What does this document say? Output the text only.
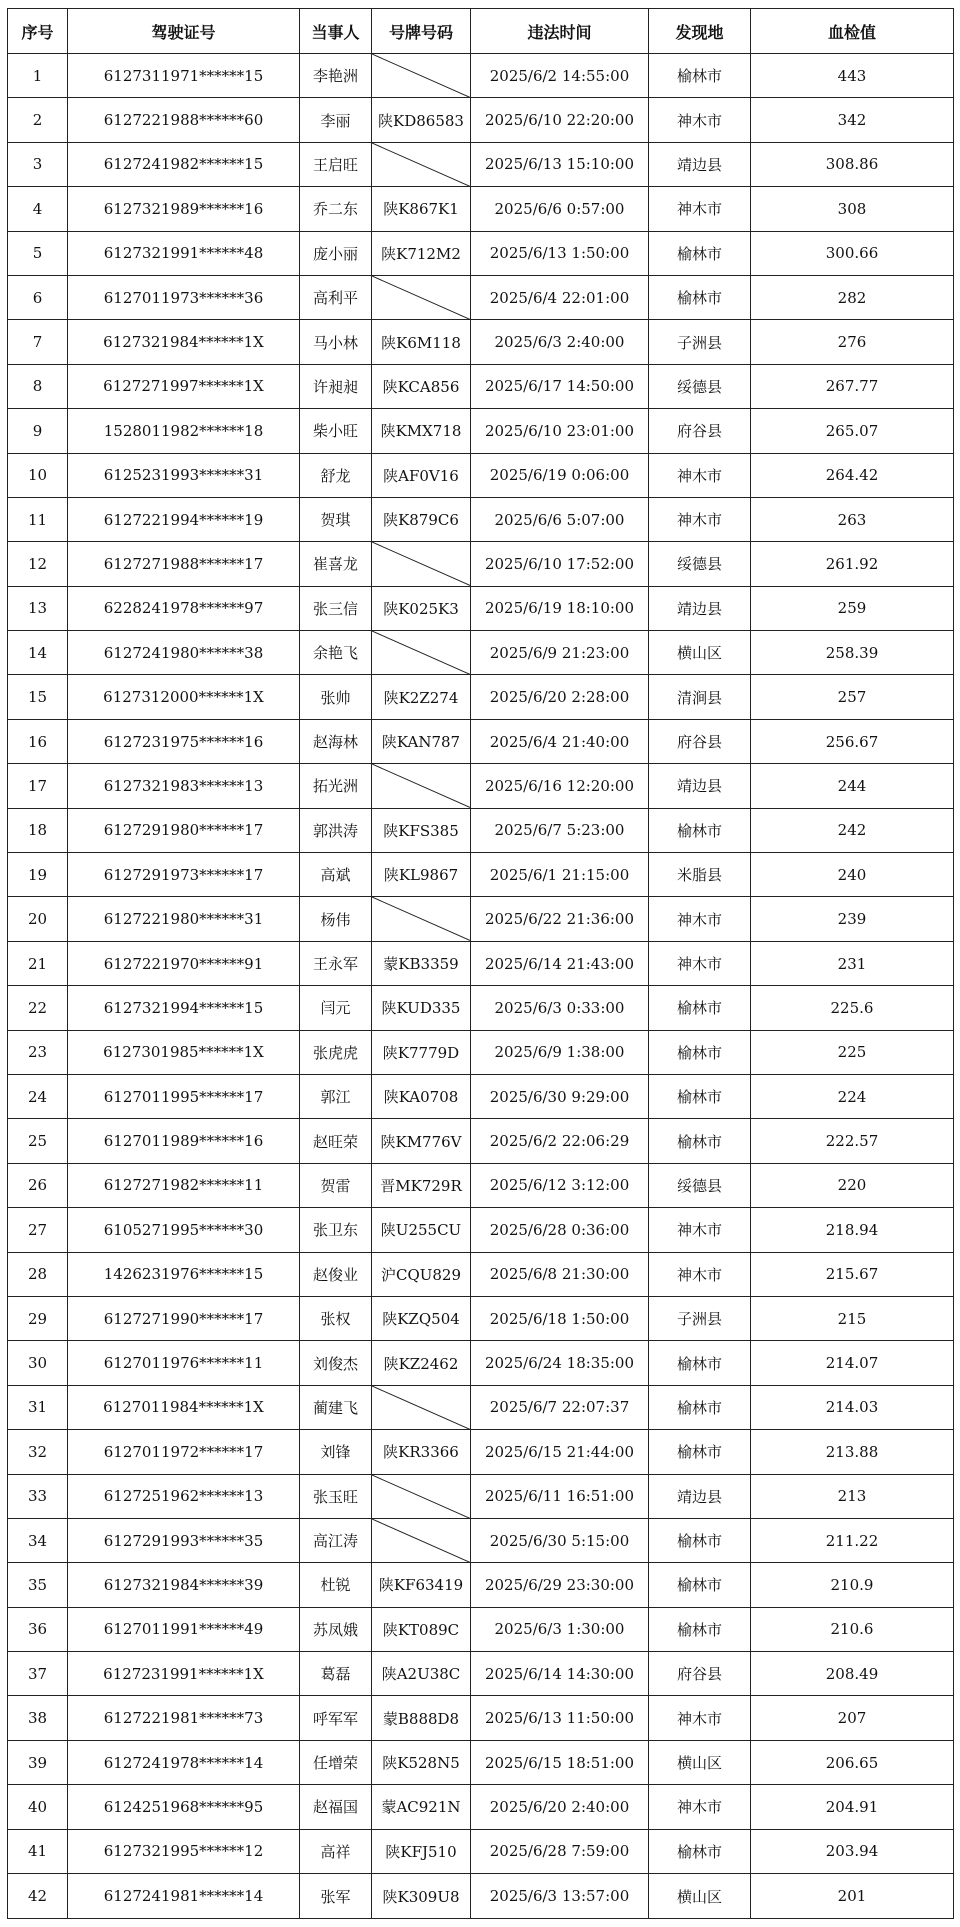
序号	驾驶证号	当事人	号牌号码	违法时间	发现地	血检值
1	6127311971******15	李艳洲		2025/6/2 14:55:00	榆林市	443
2	6127221988******60	李丽	陕KD86583	2025/6/10 22:20:00	神木市	342
3	6127241982******15	王启旺		2025/6/13 15:10:00	靖边县	308.86
4	6127321989******16	乔二东	陕K867K1	2025/6/6 0:57:00	神木市	308
5	6127321991******48	庞小丽	陕K712M2	2025/6/13 1:50:00	榆林市	300.66
6	6127011973******36	高利平		2025/6/4 22:01:00	榆林市	282
7	6127321984******1X	马小林	陕K6M118	2025/6/3 2:40:00	子洲县	276
8	6127271997******1X	许昶昶	陕KCA856	2025/6/17 14:50:00	绥德县	267.77
9	1528011982******18	柴小旺	陕KMX718	2025/6/10 23:01:00	府谷县	265.07
10	6125231993******31	舒龙	陕AF0V16	2025/6/19 0:06:00	神木市	264.42
11	6127221994******19	贺琪	陕K879C6	2025/6/6 5:07:00	神木市	263
12	6127271988******17	崔喜龙		2025/6/10 17:52:00	绥德县	261.92
13	6228241978******97	张三信	陕K025K3	2025/6/19 18:10:00	靖边县	259
14	6127241980******38	余艳飞		2025/6/9 21:23:00	横山区	258.39
15	6127312000******1X	张帅	陕K2Z274	2025/6/20 2:28:00	清涧县	257
16	6127231975******16	赵海林	陕KAN787	2025/6/4 21:40:00	府谷县	256.67
17	6127321983******13	拓光洲		2025/6/16 12:20:00	靖边县	244
18	6127291980******17	郭洪涛	陕KFS385	2025/6/7 5:23:00	榆林市	242
19	6127291973******17	高斌	陕KL9867	2025/6/1 21:15:00	米脂县	240
20	6127221980******31	杨伟		2025/6/22 21:36:00	神木市	239
21	6127221970******91	王永军	蒙KB3359	2025/6/14 21:43:00	神木市	231
22	6127321994******15	闫元	陕KUD335	2025/6/3 0:33:00	榆林市	225.6
23	6127301985******1X	张虎虎	陕K7779D	2025/6/9 1:38:00	榆林市	225
24	6127011995******17	郭江	陕KA0708	2025/6/30 9:29:00	榆林市	224
25	6127011989******16	赵旺荣	陕KM776V	2025/6/2 22:06:29	榆林市	222.57
26	6127271982******11	贺雷	晋MK729R	2025/6/12 3:12:00	绥德县	220
27	6105271995******30	张卫东	陕U255CU	2025/6/28 0:36:00	神木市	218.94
28	1426231976******15	赵俊业	沪CQU829	2025/6/8 21:30:00	神木市	215.67
29	6127271990******17	张权	陕KZQ504	2025/6/18 1:50:00	子洲县	215
30	6127011976******11	刘俊杰	陕KZ2462	2025/6/24 18:35:00	榆林市	214.07
31	6127011984******1X	蔺建飞		2025/6/7 22:07:37	榆林市	214.03
32	6127011972******17	刘锋	陕KR3366	2025/6/15 21:44:00	榆林市	213.88
33	6127251962******13	张玉旺		2025/6/11 16:51:00	靖边县	213
34	6127291993******35	高江涛		2025/6/30 5:15:00	榆林市	211.22
35	6127321984******39	杜锐	陕KF63419	2025/6/29 23:30:00	榆林市	210.9
36	6127011991******49	苏凤娥	陕KT089C	2025/6/3 1:30:00	榆林市	210.6
37	6127231991******1X	葛磊	陕A2U38C	2025/6/14 14:30:00	府谷县	208.49
38	6127221981******73	呼军军	蒙B888D8	2025/6/13 11:50:00	神木市	207
39	6127241978******14	任增荣	陕K528N5	2025/6/15 18:51:00	横山区	206.65
40	6124251968******95	赵福国	蒙AC921N	2025/6/20 2:40:00	神木市	204.91
41	6127321995******12	高祥	陕KFJ510	2025/6/28 7:59:00	榆林市	203.94
42	6127241981******14	张军	陕K309U8	2025/6/3 13:57:00	横山区	201
